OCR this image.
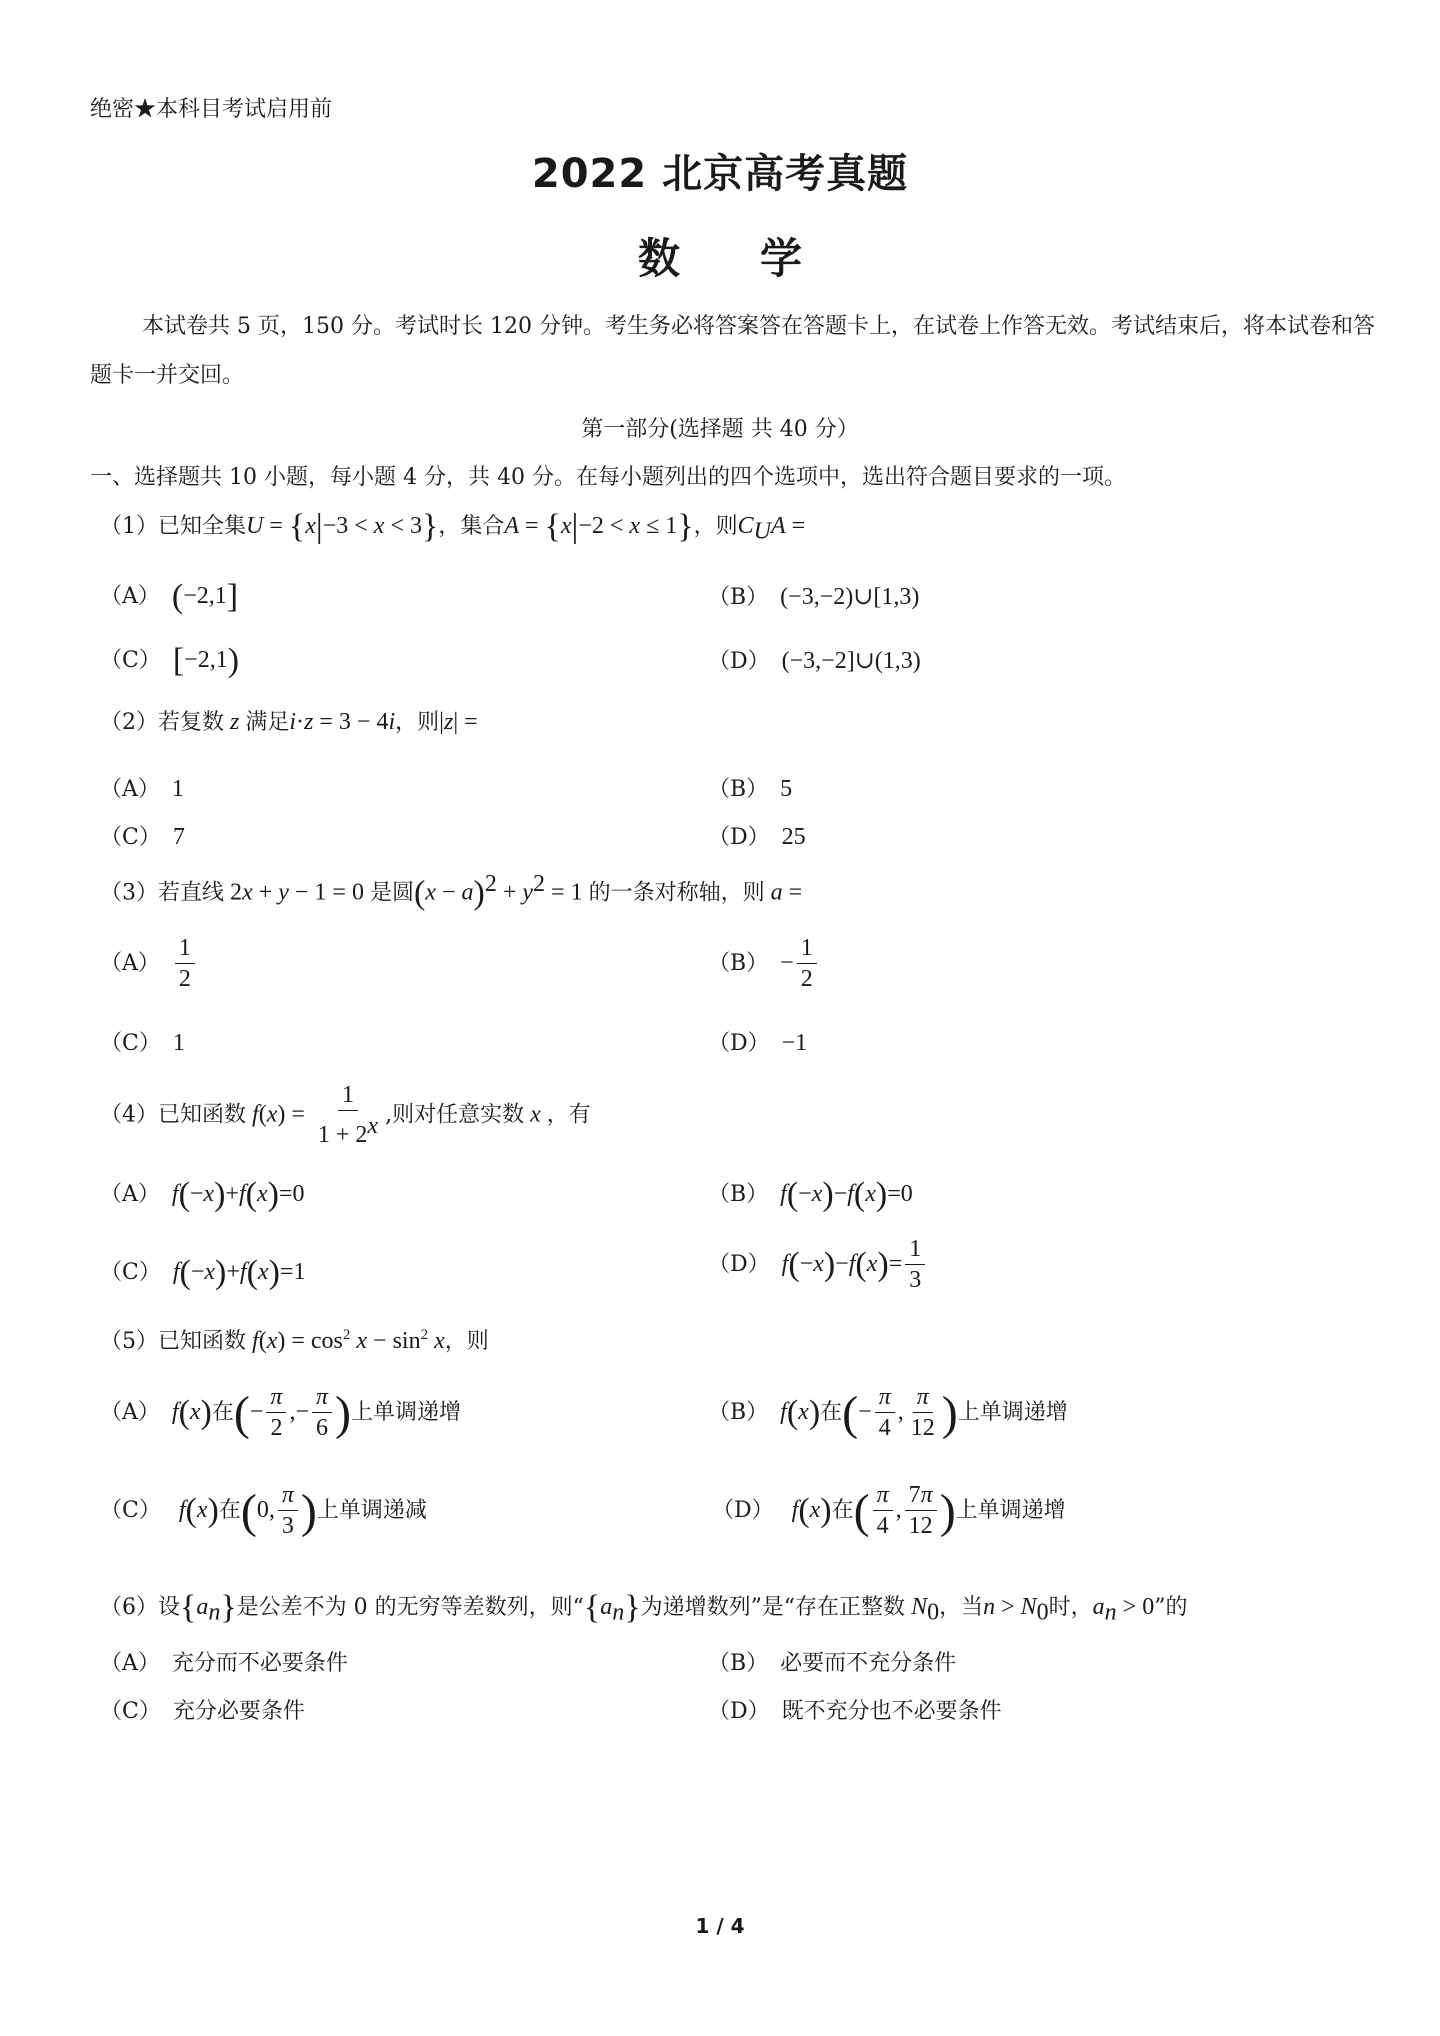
绝密★本科目考试启用前
2022 北京高考真题
数 学
本试卷共 5 页，150 分。考试时长 120 分钟。考生务必将答案答在答题卡上，在试卷上作答无效。考试结束后，将本试卷和答题卡一并交回。
第一部分(选择题 共 40 分）
一、选择题共 10 小题，每小题 4 分，共 40 分。在每小题列出的四个选项中，选出符合题目要求的一项。
（1）已知全集U = {x|−3 < x < 3}，集合A = {x|−2 < x ≤ 1}，则$C_UA$ =
（A） (−2,1]	（B） (−3,−2)∪[1,3)
（C） [−2,1)	（D） (−3,−2]∪(1,3)
（2）若复数 z 满足i·z = 3 − 4i，则|z| =
（A） 1	（B） 5
（C） 7	（D） 25
（3）若直线 2x + y − 1 = 0 是圆$(x - a)^2 + y^2 = 1$ 的一条对称轴，则 a =
$(A) \frac{1}{2}$	$(B) - \frac{1}{2}$
（C） 1	（D） −1
（4）已知函数 $f(x) = \frac{1}{1 + 2^x}$ ,则对任意实数 x ，有
（A） f(−x)+f(x)=0	（B） f(−x)−f(x)=0
（C） f(−x)+f(x)=1	（D） $f(-x)-f(x)= \frac{1}{3}$
（5）已知函数 $f(x) = \cos^2 x - \sin^2 x$，则
（A） f(x)在(− $\frac{\pi}{2}$ ,− $\frac{\pi}{6}$ )上单调递增	（B） f(x)在(− $\frac{\pi}{4}$ , $\frac{\pi}{12}$ )上单调递增
（C） f(x)在(0, $\frac{\pi}{3}$ )上单调递减	（D） f(x)在( $\frac{\pi}{4}$ , $\frac{7\pi}{12}$ )上单调递增
（6）设$\{a_n\}$是公差不为 0 的无穷等差数列，则“$\{a_n\}$为递增数列”是“存在正整数 $N_0$，当$n > N_0$时，$a_n > 0$”的
（A） 充分而不必要条件	（B） 必要而不充分条件
（C） 充分必要条件	（D） 既不充分也不必要条件
1 / 4
